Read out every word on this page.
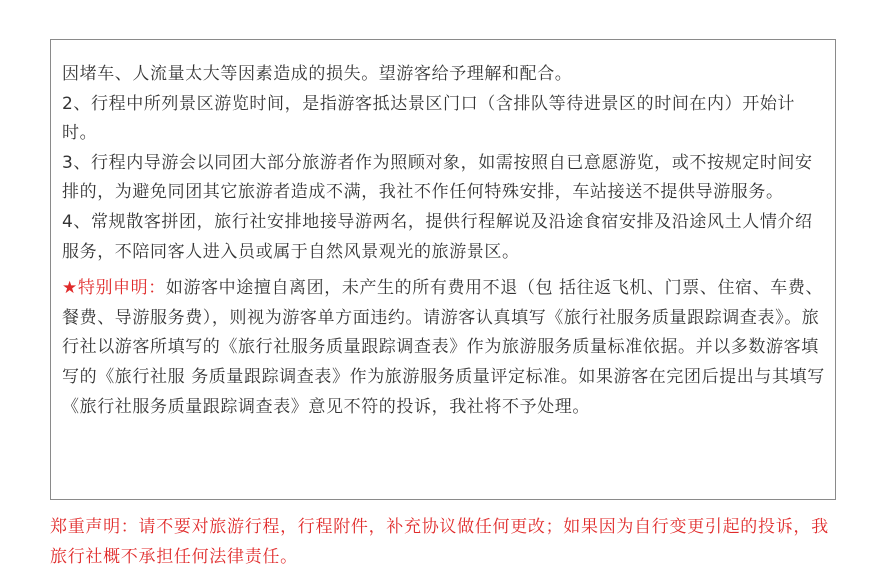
因堵车、人流量太大等因素造成的损失。望游客给予理解和配合。

2、行程中所列景区游览时间，是指游客抵达景区门口（含排队等待进景区的时间在内）开始计时。

3、行程内导游会以同团大部分旅游者作为照顾对象，如需按照自已意愿游览，或不按规定时间安排的，为避免同团其它旅游者造成不满，我社不作任何特殊安排，车站接送不提供导游服务。

4、常规散客拼团，旅行社安排地接导游两名，提供行程解说及沿途食宿安排及沿途风土人情介绍服务，不陪同客人进入员或属于自然风景观光的旅游景区。

★特别申明：如游客中途擅自离团，未产生的所有费用不退（包 括往返飞机、门票、住宿、车费、餐费、导游服务费），则视为游客单方面违约。请游客认真填写《旅行社服务质量跟踪调查表》。旅行社以游客所填写的《旅行社服务质量跟踪调查表》作为旅游服务质量标准依据。并以多数游客填写的《旅行社服 务质量跟踪调查表》作为旅游服务质量评定标准。如果游客在完团后提出与其填写《旅行社服务质量跟踪调查表》意见不符的投诉，我社将不予处理。

郑重声明：请不要对旅游行程，行程附件，补充协议做任何更改；如果因为自行变更引起的投诉，我旅行社概不承担任何法律责任。
